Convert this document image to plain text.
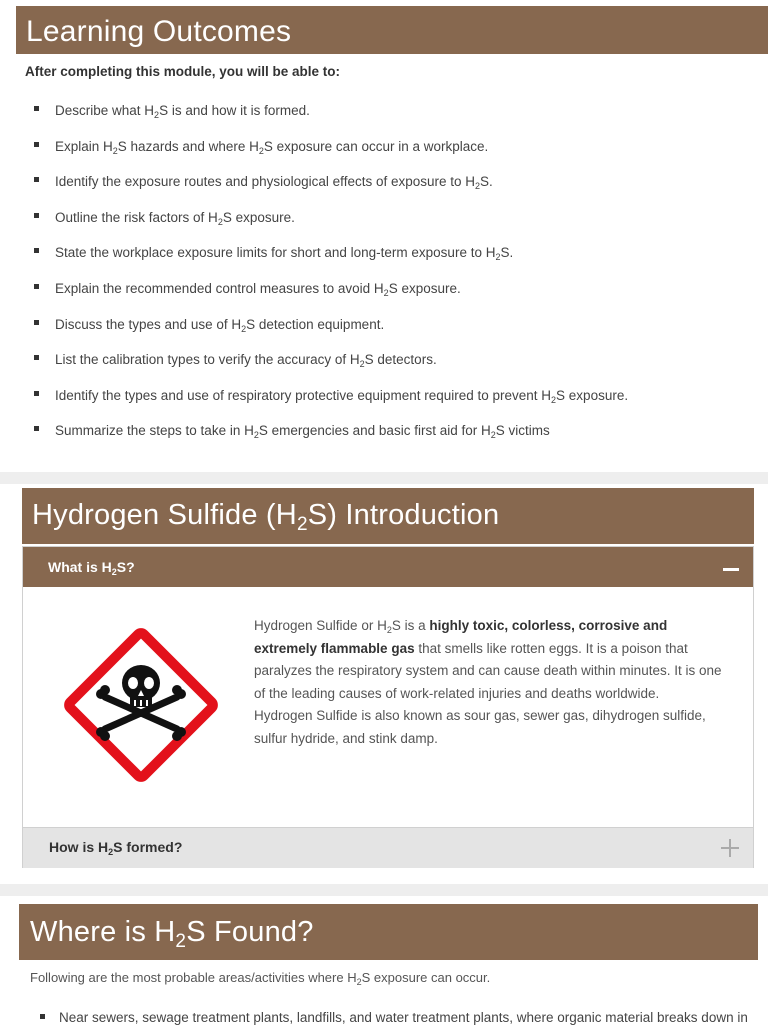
Learning Outcomes
After completing this module, you will be able to:
Describe what $H_2S$ is and how it is formed.
Explain $H_2S$ hazards and where $H_2S$ exposure can occur in a workplace.
Identify the exposure routes and physiological effects of exposure to $H_2S$.
Outline the risk factors of $H_2S$ exposure.
State the workplace exposure limits for short and long-term exposure to $H_2S$.
Explain the recommended control measures to avoid $H_2S$ exposure.
Discuss the types and use of $H_2S$ detection equipment.
List the calibration types to verify the accuracy of $H_2S$ detectors.
Identify the types and use of respiratory protective equipment required to prevent $H_2S$ exposure.
Summarize the steps to take in $H_2S$ emergencies and basic first aid for $H_2S$ victims
Hydrogen Sulfide $(H_2S)$ Introduction
What is $H_2S$?
Hydrogen Sulfide or $H_2S$ is a highly toxic, colorless, corrosive and extremely flammable gas that smells like rotten eggs. It is a poison that paralyzes the respiratory system and can cause death within minutes. It is one of the leading causes of work-related injuries and deaths worldwide.
Hydrogen Sulfide is also known as sour gas, sewer gas, dihydrogen sulfide, sulfur hydride, and stink damp.
How is $H_2S$ formed?
Where is $H_2S$ Found?
Following are the most probable areas/activities where $H_2S$ exposure can occur.
Near sewers, sewage treatment plants, landfills, and water treatment plants, where organic material breaks down in
